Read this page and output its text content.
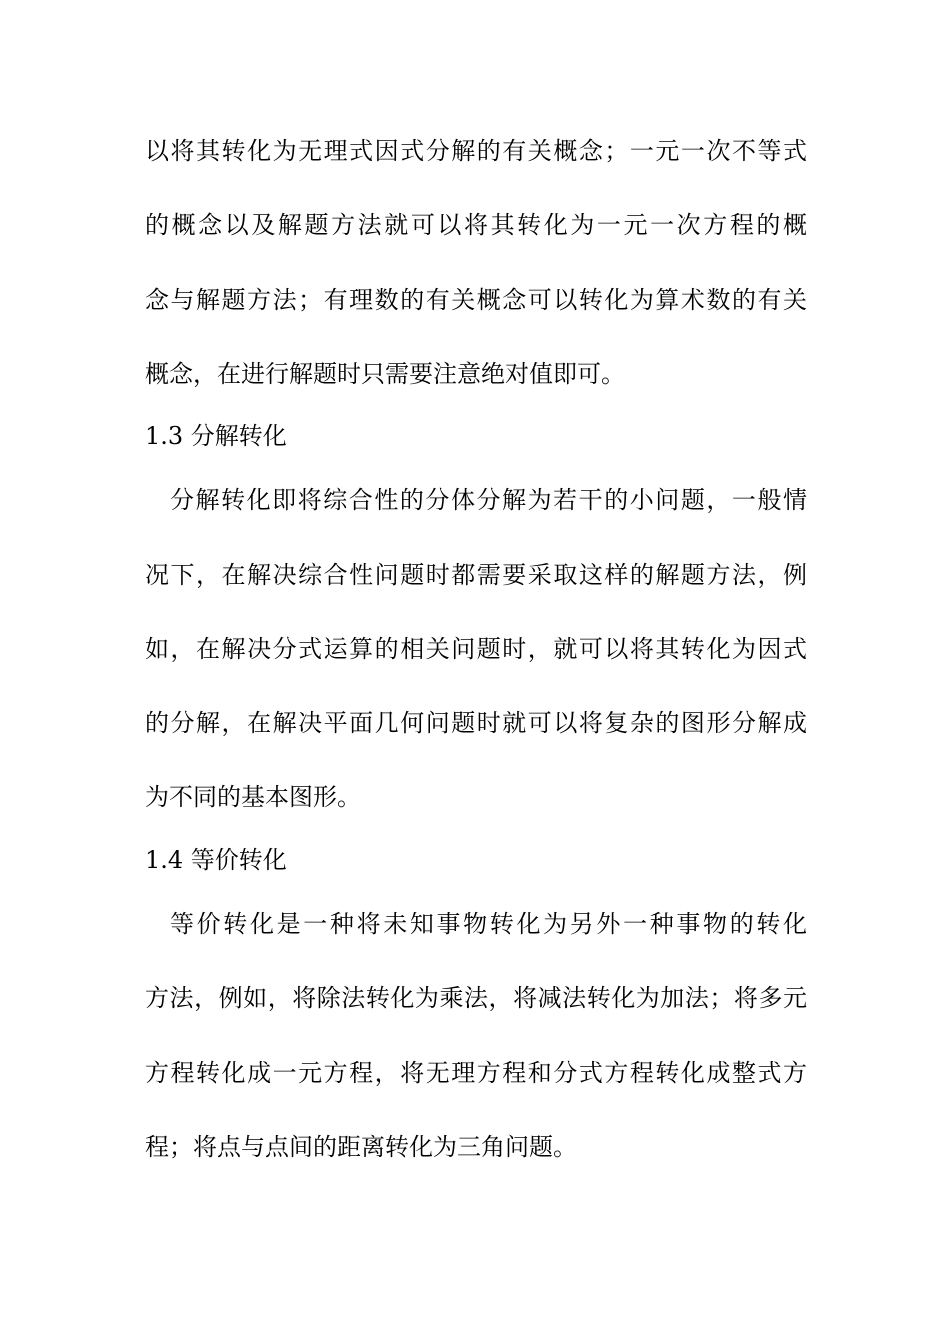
以将其转化为无理式因式分解的有关概念；一元一次不等式
的概念以及解题方法就可以将其转化为一元一次方程的概
念与解题方法；有理数的有关概念可以转化为算术数的有关
概念，在进行解题时只需要注意绝对值即可。
1.3 分解转化
分解转化即将综合性的分体分解为若干的小问题，一般情
况下，在解决综合性问题时都需要采取这样的解题方法，例
如，在解决分式运算的相关问题时，就可以将其转化为因式
的分解，在解决平面几何问题时就可以将复杂的图形分解成
为不同的基本图形。
1.4 等价转化
等价转化是一种将未知事物转化为另外一种事物的转化
方法，例如，将除法转化为乘法，将减法转化为加法；将多元
方程转化成一元方程，将无理方程和分式方程转化成整式方
程；将点与点间的距离转化为三角问题。
